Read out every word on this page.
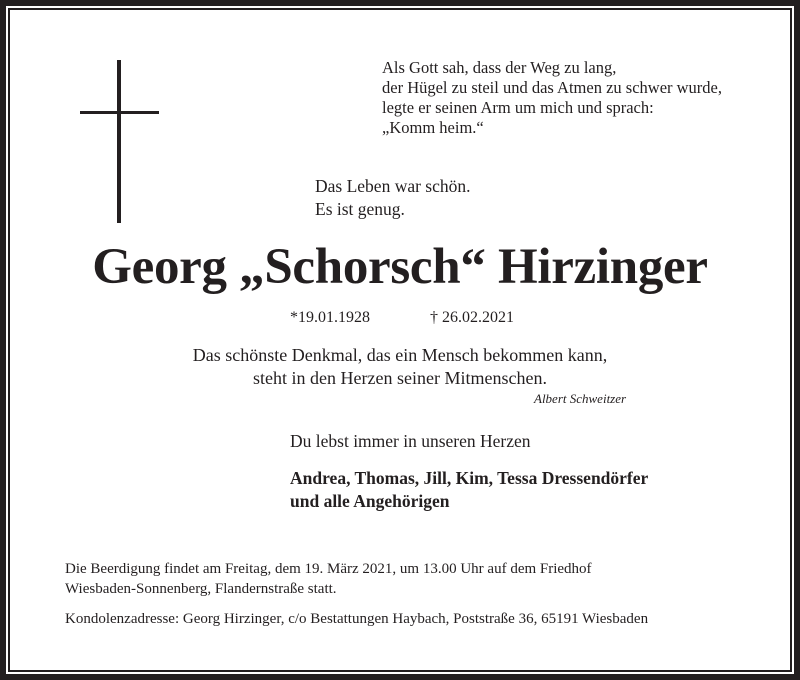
Als Gott sah, dass der Weg zu lang,
der Hügel zu steil und das Atmen zu schwer wurde,
legte er seinen Arm um mich und sprach:
„Komm heim.“
Das Leben war schön.
Es ist genug.
Georg „Schorsch“ Hirzinger
*19.01.1928	† 26.02.2021
Das schönste Denkmal, das ein Mensch bekommen kann,
steht in den Herzen seiner Mitmenschen.
Albert Schweitzer
Du lebst immer in unseren Herzen
Andrea, Thomas, Jill, Kim, Tessa Dressendörfer
und alle Angehörigen
Die Beerdigung findet am Freitag, dem 19. März 2021, um 13.00 Uhr auf dem Friedhof
Wiesbaden-Sonnenberg, Flandernstraße statt.
Kondolenzadresse: Georg Hirzinger, c/o Bestattungen Haybach, Poststraße 36, 65191 Wiesbaden
